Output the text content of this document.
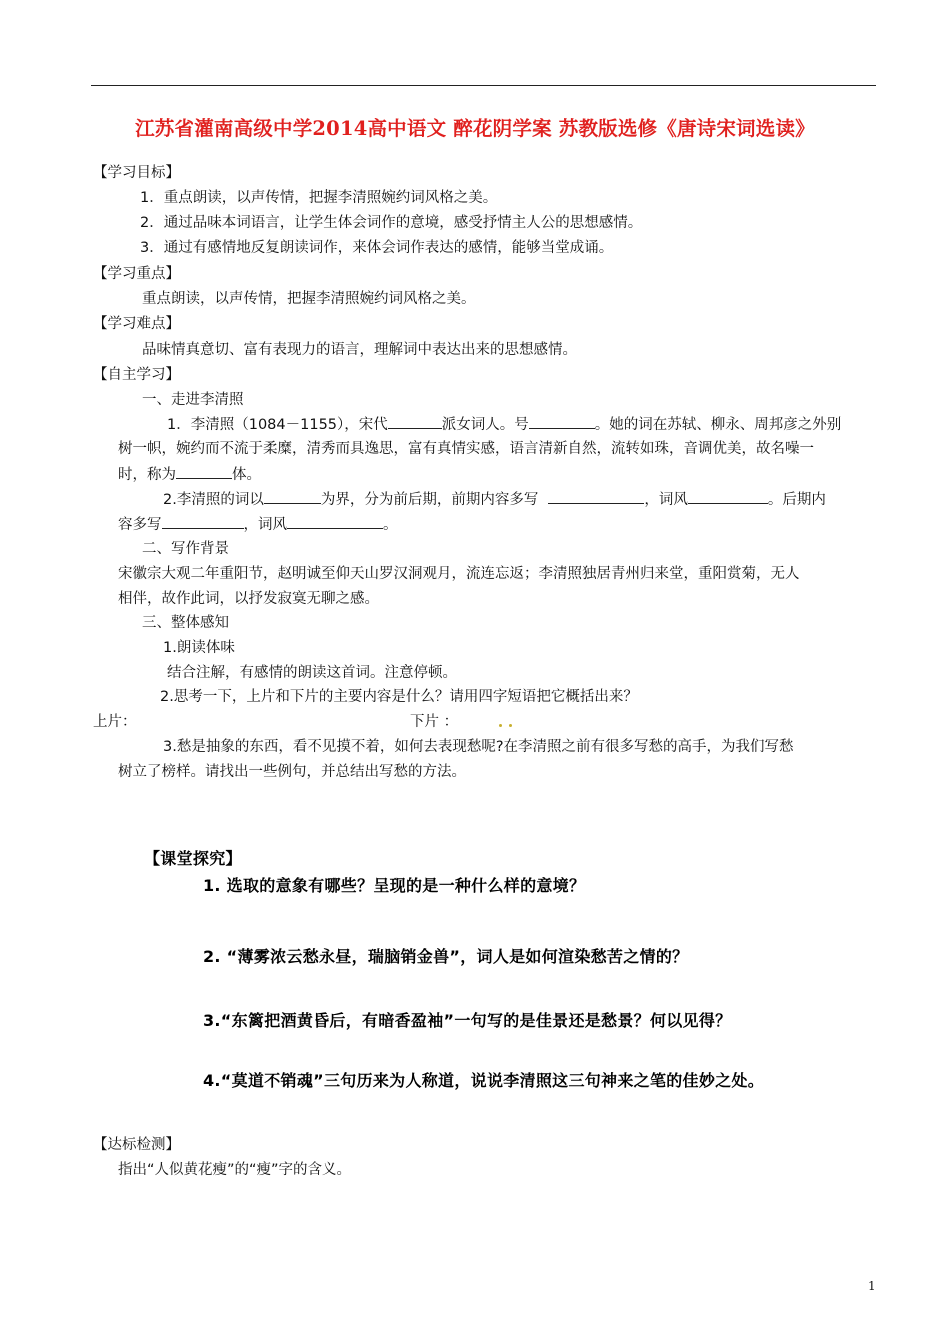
江苏省灌南高级中学2014高中语文 醉花阴学案 苏教版选修《唐诗宋词选读》
【学习目标】
1．重点朗读，以声传情，把握李清照婉约词风格之美。
2．通过品味本词语言，让学生体会词作的意境，感受抒情主人公的思想感情。
3．通过有感情地反复朗读词作，来体会词作表达的感情，能够当堂成诵。
【学习重点】
重点朗读，以声传情，把握李清照婉约词风格之美。
【学习难点】
品味情真意切、富有表现力的语言，理解词中表达出来的思想感情。
【自主学习】
一、走进李清照
1．李清照（1084－1155），宋代	派女词人。号	。她的词在苏轼、柳永、周邦彦之外别
树一帜，婉约而不流于柔糜，清秀而具逸思，富有真情实感，语言清新自然，流转如珠，音调优美，故名噪一
时，称为	体。
2.李清照的词以	为界，分为前后期，前期内容多写	，词风	。后期内
容多写	，词风	。
二、写作背景
宋徽宗大观二年重阳节，赵明诚至仰天山罗汉洞观月，流连忘返；李清照独居青州归来堂，重阳赏菊，无人
相伴，故作此词，以抒发寂寞无聊之感。
三、整体感知
1.朗读体味
结合注解，有感情的朗读这首词。注意停顿。
2.思考一下，上片和下片的主要内容是什么？请用四字短语把它概括出来？
上片：	下片 ：
3.愁是抽象的东西，看不见摸不着，如何去表现愁呢?在李清照之前有很多写愁的高手，为我们写愁
树立了榜样。请找出一些例句，并总结出写愁的方法。
【课堂探究】
1. 选取的意象有哪些？呈现的是一种什么样的意境？
2. “薄雾浓云愁永昼，瑞脑销金兽”，词人是如何渲染愁苦之情的？
3.“东篱把酒黄昏后，有暗香盈袖”一句写的是佳景还是愁景？何以见得？
4.“莫道不销魂”三句历来为人称道，说说李清照这三句神来之笔的佳妙之处。
【达标检测】
指出“人似黄花瘦”的“瘦”字的含义。
1
